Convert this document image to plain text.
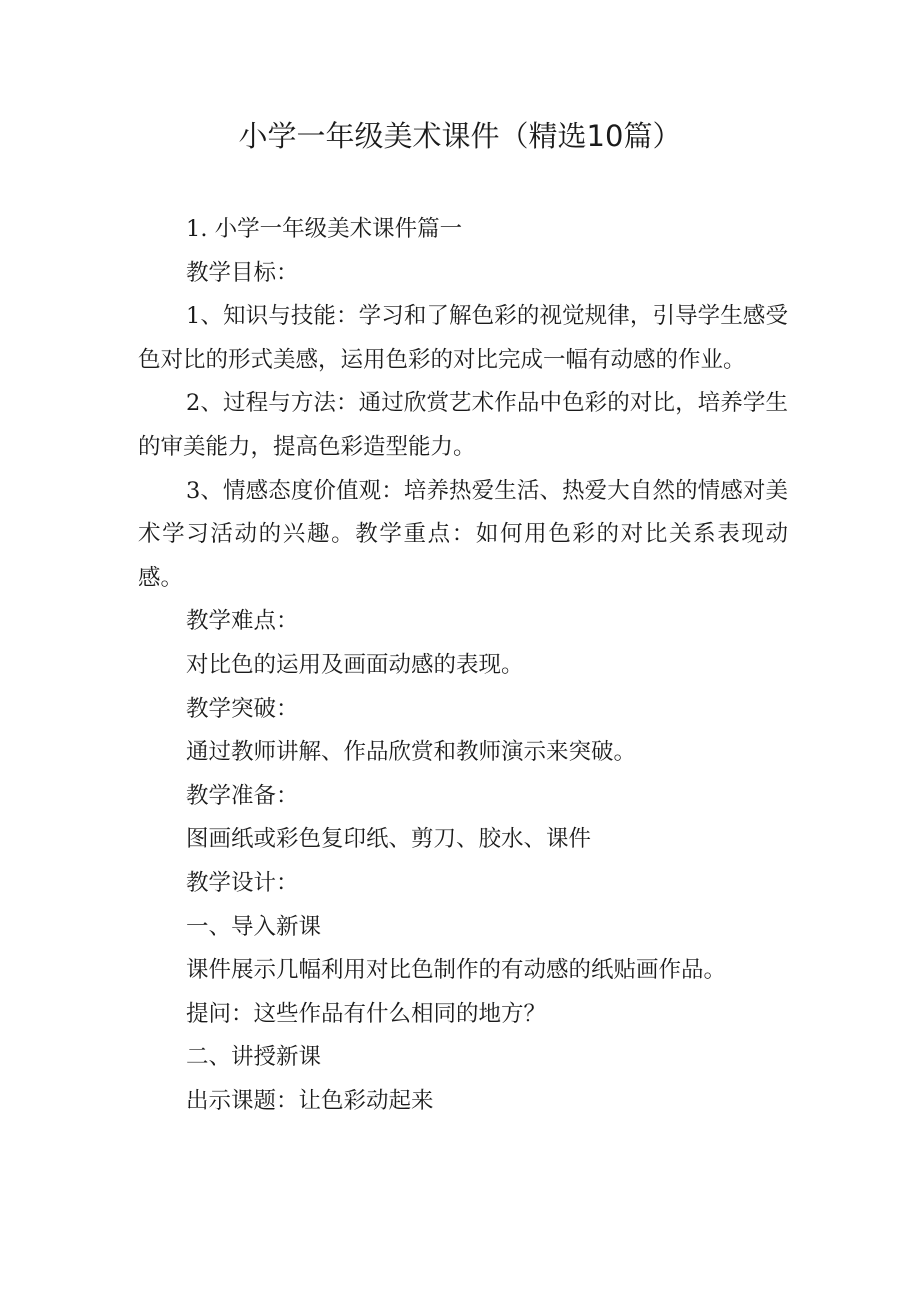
小学一年级美术课件（精选10篇）

1. 小学一年级美术课件篇一

教学目标：

1、知识与技能：学习和了解色彩的视觉规律，引导学生感受色对比的形式美感，运用色彩的对比完成一幅有动感的作业。

2、过程与方法：通过欣赏艺术作品中色彩的对比，培养学生的审美能力，提高色彩造型能力。

3、情感态度价值观：培养热爱生活、热爱大自然的情感对美术学习活动的兴趣。教学重点：如何用色彩的对比关系表现动感。

教学难点：

对比色的运用及画面动感的表现。

教学突破：

通过教师讲解、作品欣赏和教师演示来突破。

教学准备：

图画纸或彩色复印纸、剪刀、胶水、课件

教学设计：

一、导入新课

课件展示几幅利用对比色制作的有动感的纸贴画作品。

提问：这些作品有什么相同的地方？

二、讲授新课

出示课题：让色彩动起来
